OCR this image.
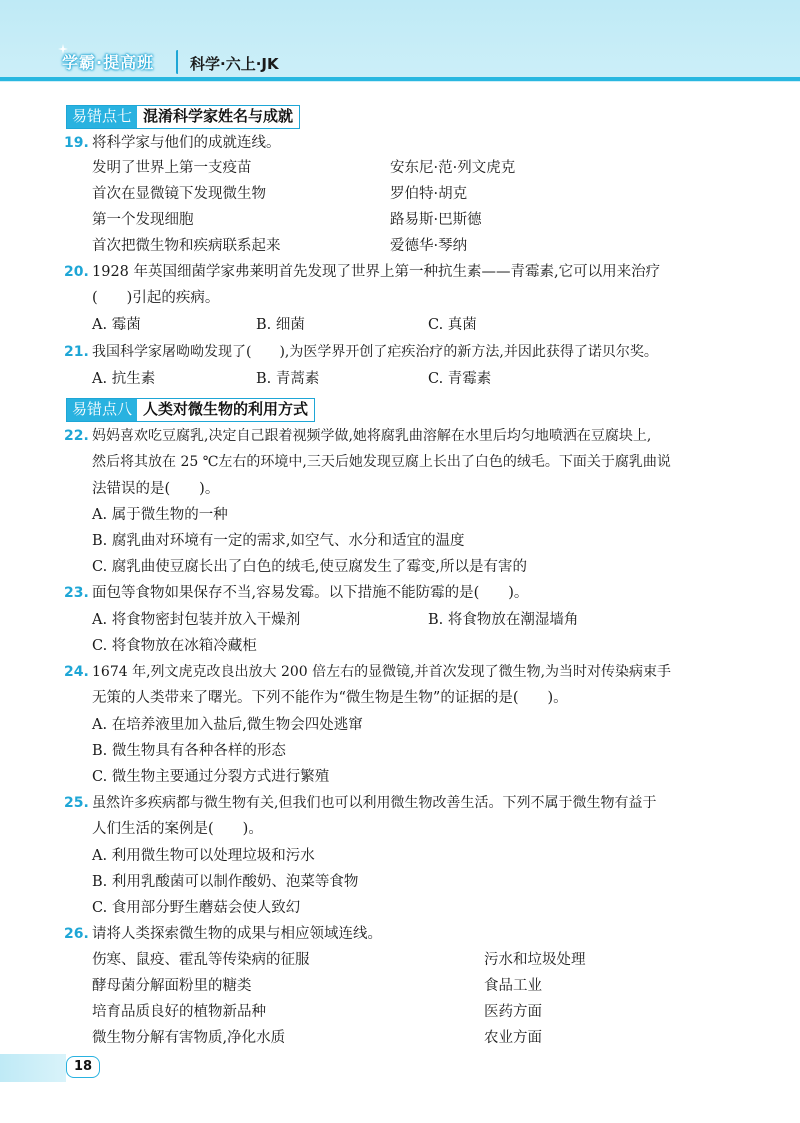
学霸·提高班 科学·六上·JK
易错点七 混淆科学家姓名与成就
19. 将科学家与他们的成就连线。
发明了世界上第一支疫苗	安东尼·范·列文虎克
首次在显微镜下发现微生物	罗伯特·胡克
第一个发现细胞	路易斯·巴斯德
首次把微生物和疾病联系起来	爱德华·琴纳
20. 1928 年英国细菌学家弗莱明首先发现了世界上第一种抗生素——青霉素,它可以用来治疗
(　　)引起的疾病。
A. 霉菌	B. 细菌	C. 真菌
21. 我国科学家屠呦呦发现了(　　),为医学界开创了疟疾治疗的新方法,并因此获得了诺贝尔奖。
A. 抗生素	B. 青蒿素	C. 青霉素
易错点八 人类对微生物的利用方式
22. 妈妈喜欢吃豆腐乳,决定自己跟着视频学做,她将腐乳曲溶解在水里后均匀地喷洒在豆腐块上,
然后将其放在 25 ℃左右的环境中,三天后她发现豆腐上长出了白色的绒毛。下面关于腐乳曲说
法错误的是(　　)。
A. 属于微生物的一种
B. 腐乳曲对环境有一定的需求,如空气、水分和适宜的温度
C. 腐乳曲使豆腐长出了白色的绒毛,使豆腐发生了霉变,所以是有害的
23. 面包等食物如果保存不当,容易发霉。以下措施不能防霉的是(　　)。
A. 将食物密封包装并放入干燥剂	B. 将食物放在潮湿墙角
C. 将食物放在冰箱冷藏柜
24. 1674 年,列文虎克改良出放大 200 倍左右的显微镜,并首次发现了微生物,为当时对传染病束手
无策的人类带来了曙光。下列不能作为“微生物是生物”的证据的是(　　)。
A. 在培养液里加入盐后,微生物会四处逃窜
B. 微生物具有各种各样的形态
C. 微生物主要通过分裂方式进行繁殖
25. 虽然许多疾病都与微生物有关,但我们也可以利用微生物改善生活。下列不属于微生物有益于
人们生活的案例是(　　)。
A. 利用微生物可以处理垃圾和污水
B. 利用乳酸菌可以制作酸奶、泡菜等食物
C. 食用部分野生蘑菇会使人致幻
26. 请将人类探索微生物的成果与相应领域连线。
伤寒、鼠疫、霍乱等传染病的征服	污水和垃圾处理
酵母菌分解面粉里的糖类	食品工业
培育品质良好的植物新品种	医药方面
微生物分解有害物质,净化水质	农业方面
18
